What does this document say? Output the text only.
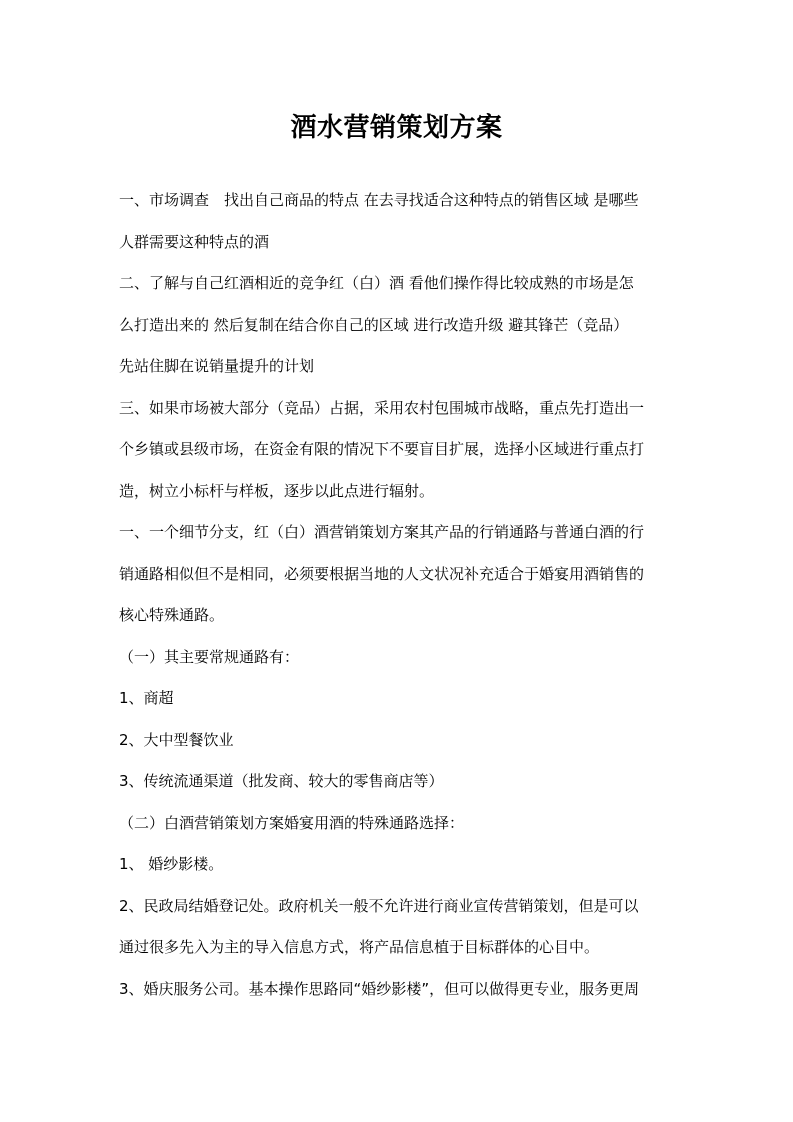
酒水营销策划方案

一、市场调查　找出自己商品的特点 在去寻找适合这种特点的销售区域 是哪些
人群需要这种特点的酒

二、了解与自己红酒相近的竞争红（白）酒 看他们操作得比较成熟的市场是怎
么打造出来的 然后复制在结合你自己的区域 进行改造升级 避其锋芒（竞品）
先站住脚在说销量提升的计划

三、如果市场被大部分（竞品）占据，采用农村包围城市战略，重点先打造出一
个乡镇或县级市场，在资金有限的情况下不要盲目扩展，选择小区域进行重点打
造，树立小标杆与样板，逐步以此点进行辐射。

一、一个细节分支，红（白）酒营销策划方案其产品的行销通路与普通白酒的行
销通路相似但不是相同，必须要根据当地的人文状况补充适合于婚宴用酒销售的
核心特殊通路。

（一）其主要常规通路有：

1、商超

2、大中型餐饮业

3、传统流通渠道（批发商、较大的零售商店等）

（二）白酒营销策划方案婚宴用酒的特殊通路选择：

1、 婚纱影楼。

2、民政局结婚登记处。政府机关一般不允许进行商业宣传营销策划，但是可以
通过很多先入为主的导入信息方式，将产品信息植于目标群体的心目中。

3、婚庆服务公司。基本操作思路同“婚纱影楼”，但可以做得更专业，服务更周
